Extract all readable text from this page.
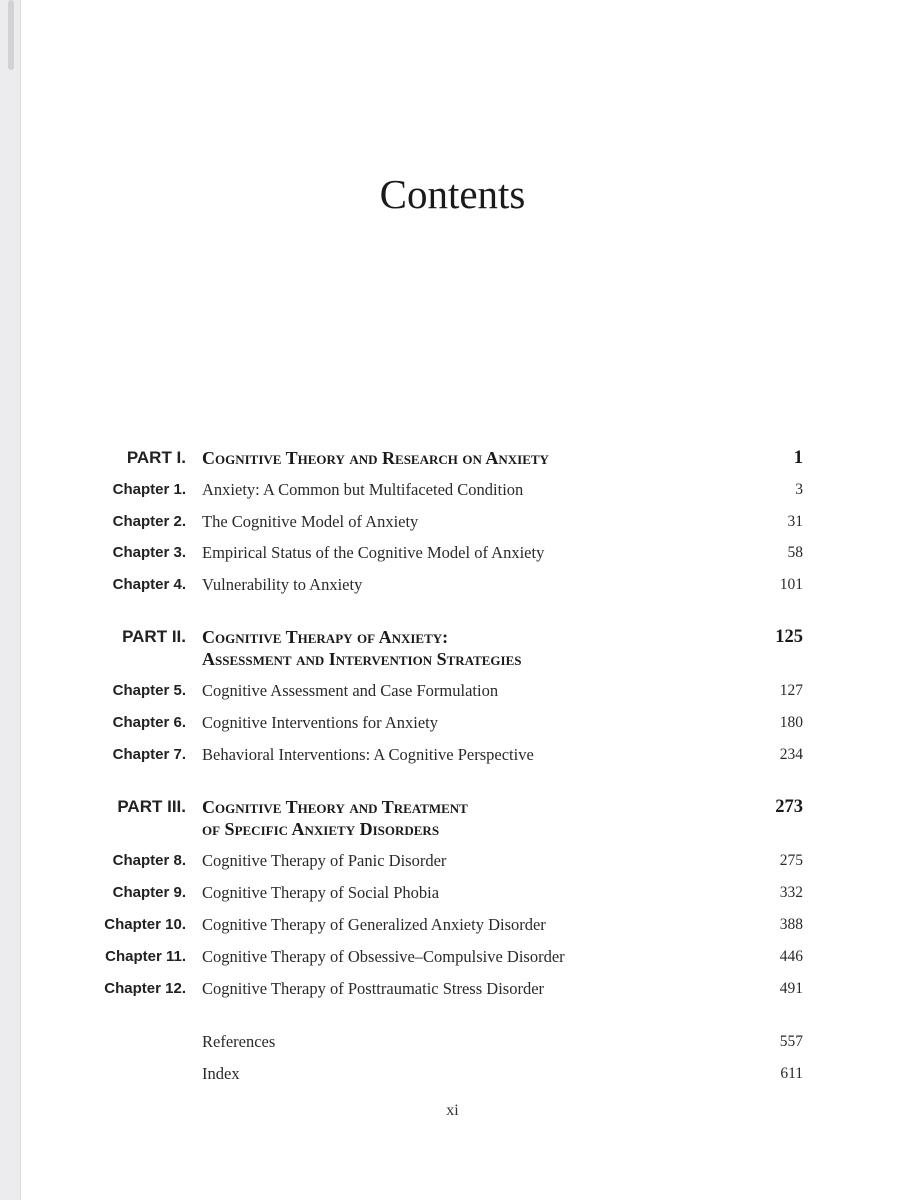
Contents
PART I. Cognitive Theory and Research on Anxiety	1
Chapter 1. Anxiety: A Common but Multifaceted Condition	3
Chapter 2. The Cognitive Model of Anxiety	31
Chapter 3. Empirical Status of the Cognitive Model of Anxiety	58
Chapter 4. Vulnerability to Anxiety	101
PART II. Cognitive Therapy of Anxiety:	125
Assessment and Intervention Strategies
Chapter 5. Cognitive Assessment and Case Formulation	127
Chapter 6. Cognitive Interventions for Anxiety	180
Chapter 7. Behavioral Interventions: A Cognitive Perspective	234
PART III. Cognitive Theory and Treatment	273
of Specific Anxiety Disorders
Chapter 8. Cognitive Therapy of Panic Disorder	275
Chapter 9. Cognitive Therapy of Social Phobia	332
Chapter 10. Cognitive Therapy of Generalized Anxiety Disorder	388
Chapter 11. Cognitive Therapy of Obsessive–Compulsive Disorder	446
Chapter 12. Cognitive Therapy of Posttraumatic Stress Disorder	491
References	557
Index	611
xi
